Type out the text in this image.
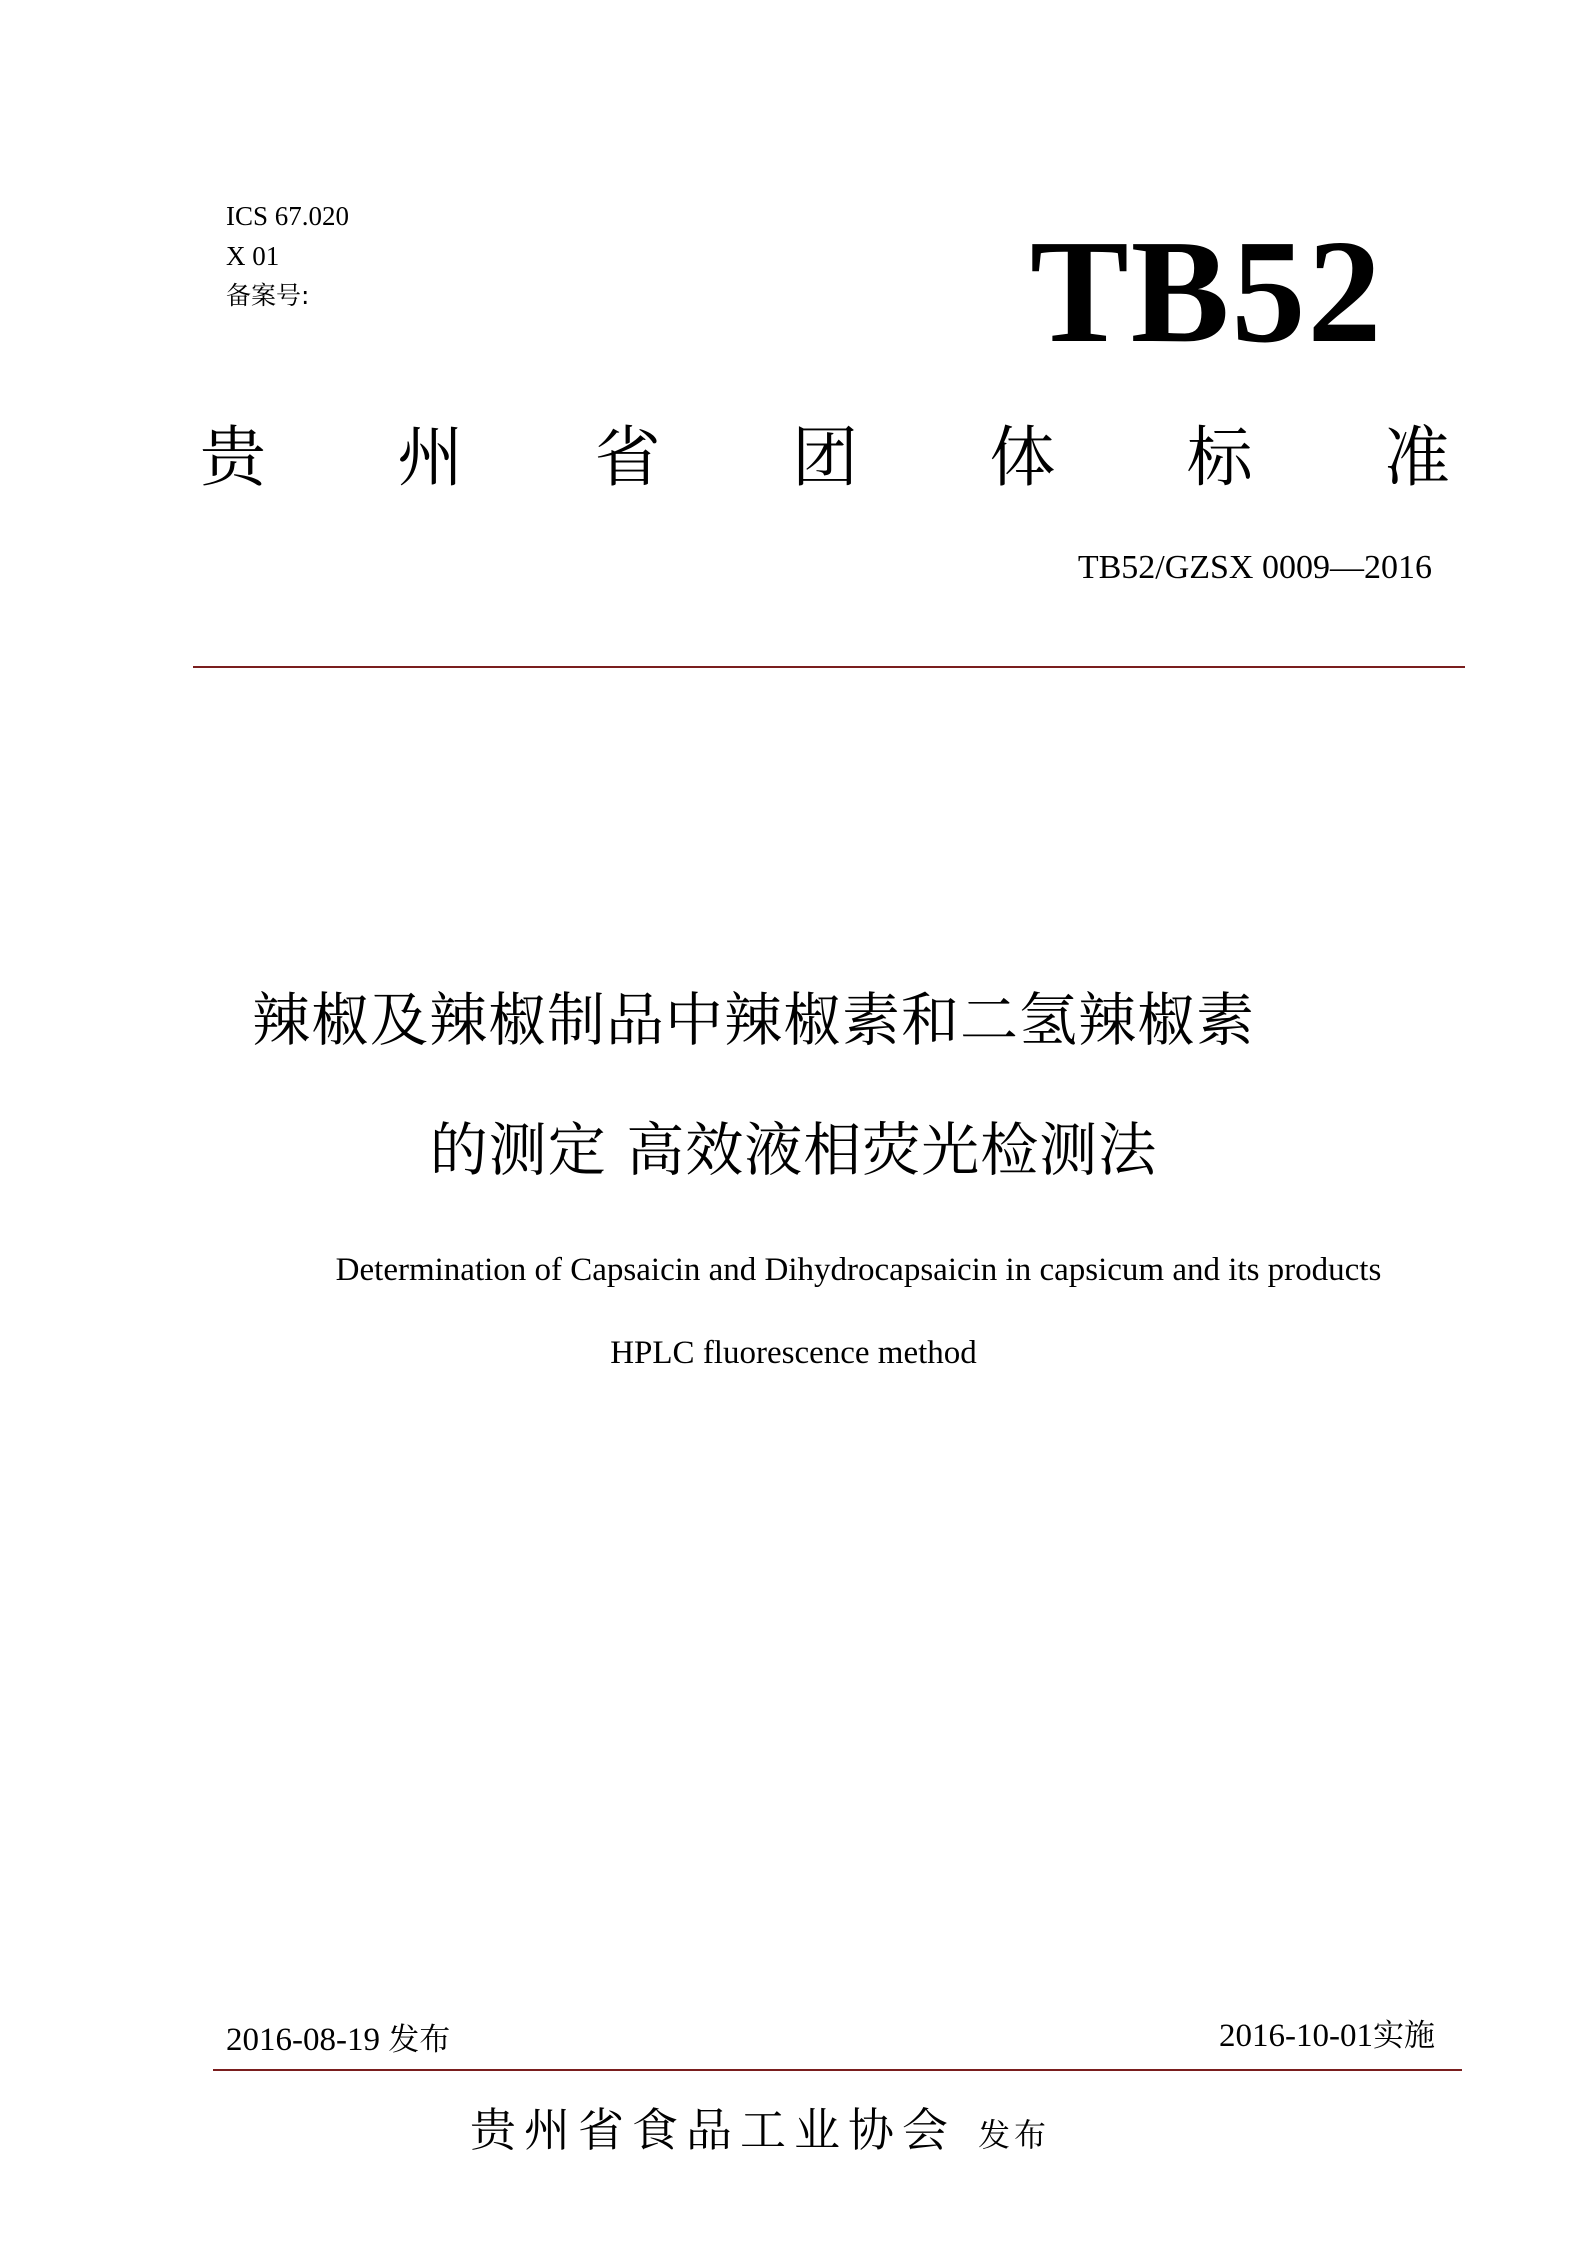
ICS 67.020
X 01
备案号:	TB52
贵 州 省 团 体 标 准
TB52/GZSX 0009—2016
辣椒及辣椒制品中辣椒素和二氢辣椒素
的测定 高效液相荧光检测法
Determination of Capsaicin and Dihydrocapsaicin in capsicum and its products
HPLC fluorescence method
2016-08-19 发布	2016-10-01实施
贵州省食品工业协会 发布
